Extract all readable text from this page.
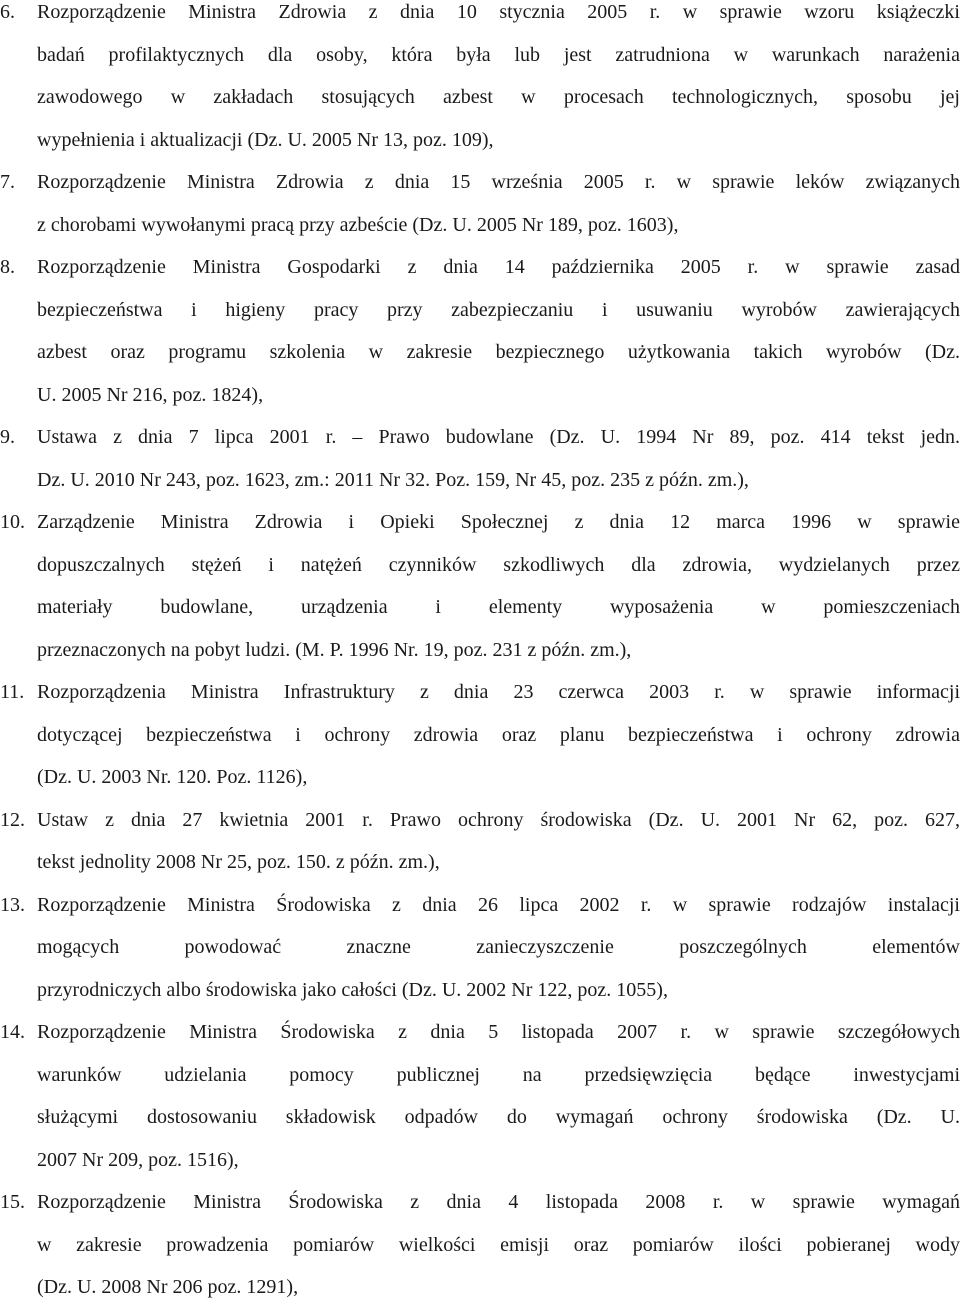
6.	Rozporządzenie Ministra Zdrowia z dnia 10 stycznia 2005 r. w sprawie wzoru książeczki
badań profilaktycznych dla osoby, która była lub jest zatrudniona w warunkach narażenia
zawodowego w zakładach stosujących azbest w procesach technologicznych, sposobu jej
wypełnienia i aktualizacji (Dz. U. 2005 Nr 13, poz. 109),
7.	Rozporządzenie Ministra Zdrowia z dnia 15 września 2005 r. w sprawie leków związanych
z chorobami wywołanymi pracą przy azbeście (Dz. U. 2005 Nr 189, poz. 1603),
8.	Rozporządzenie Ministra Gospodarki z dnia 14 października 2005 r. w sprawie zasad
bezpieczeństwa i higieny pracy przy zabezpieczaniu i usuwaniu wyrobów zawierających
azbest oraz programu szkolenia w zakresie bezpiecznego użytkowania takich wyrobów (Dz.
U. 2005 Nr 216, poz. 1824),
9.	Ustawa z dnia 7 lipca 2001 r. – Prawo budowlane (Dz. U. 1994 Nr 89, poz. 414 tekst jedn.
Dz. U. 2010 Nr 243, poz. 1623, zm.: 2011 Nr 32. Poz. 159, Nr 45, poz. 235 z późn. zm.),
10. Zarządzenie Ministra Zdrowia i Opieki Społecznej z dnia 12 marca 1996 w sprawie
dopuszczalnych stężeń i natężeń czynników szkodliwych dla zdrowia, wydzielanych przez
materiały budowlane, urządzenia i elementy wyposażenia w pomieszczeniach
przeznaczonych na pobyt ludzi. (M. P. 1996 Nr. 19, poz. 231 z późn. zm.),
11. Rozporządzenia Ministra Infrastruktury z dnia 23 czerwca 2003 r. w sprawie informacji
dotyczącej bezpieczeństwa i ochrony zdrowia oraz planu bezpieczeństwa i ochrony zdrowia
(Dz. U. 2003 Nr. 120. Poz. 1126),
12. Ustaw z dnia 27 kwietnia 2001 r. Prawo ochrony środowiska (Dz. U. 2001 Nr 62, poz. 627,
tekst jednolity 2008 Nr 25, poz. 150. z późn. zm.),
13. Rozporządzenie Ministra Środowiska z dnia 26 lipca 2002 r. w sprawie rodzajów instalacji
mogących powodować znaczne zanieczyszczenie poszczególnych elementów
przyrodniczych albo środowiska jako całości (Dz. U. 2002 Nr 122, poz. 1055),
14. Rozporządzenie Ministra Środowiska z dnia 5 listopada 2007 r. w sprawie szczegółowych
warunków udzielania pomocy publicznej na przedsięwzięcia będące inwestycjami
służącymi dostosowaniu składowisk odpadów do wymagań ochrony środowiska (Dz. U.
2007 Nr 209, poz. 1516),
15. Rozporządzenie Ministra Środowiska z dnia 4 listopada 2008 r. w sprawie wymagań
w zakresie prowadzenia pomiarów wielkości emisji oraz pomiarów ilości pobieranej wody
(Dz. U. 2008 Nr 206 poz. 1291),
